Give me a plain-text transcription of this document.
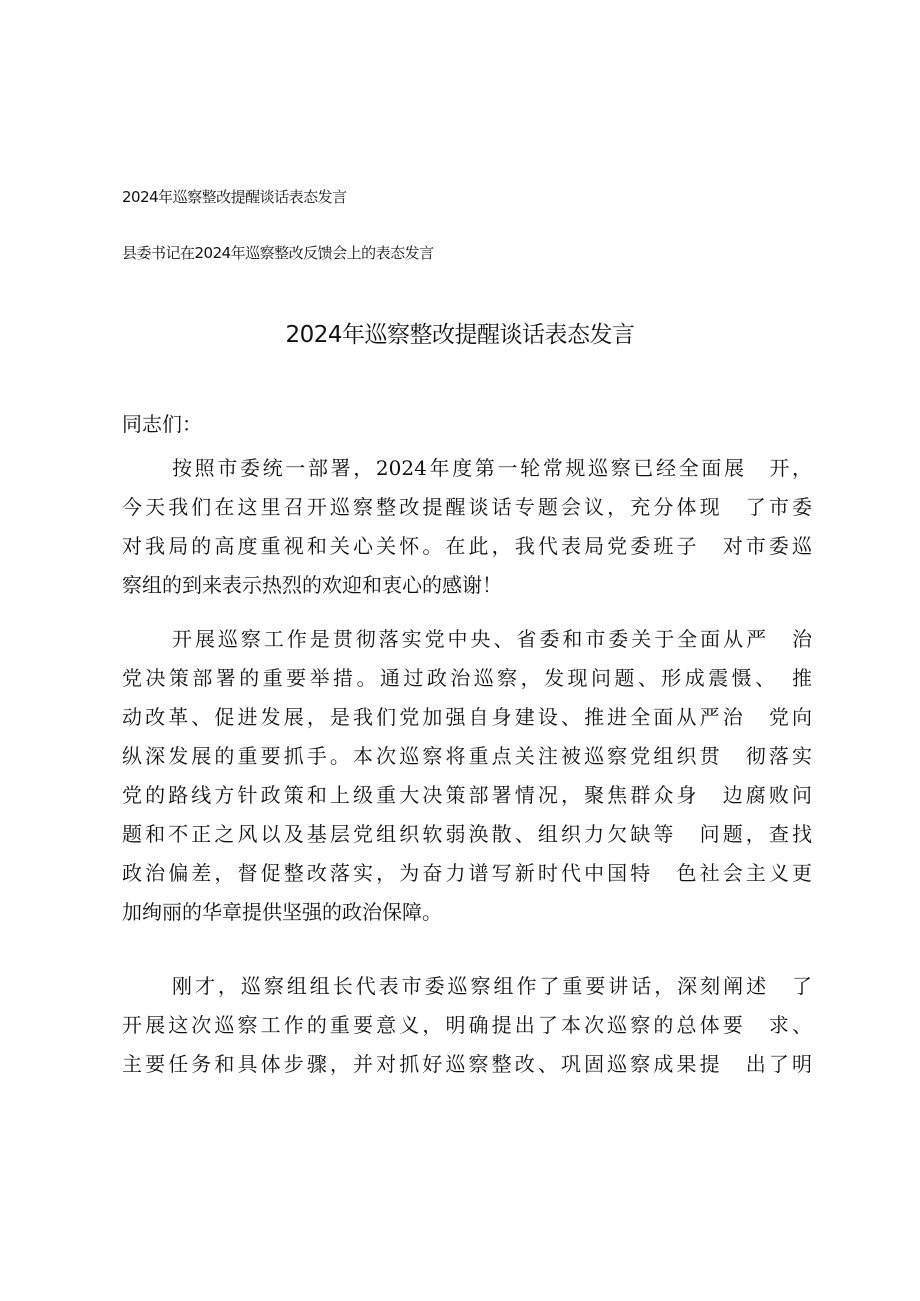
2024年巡察整改提醒谈话表态发言
县委书记在2024年巡察整改反馈会上的表态发言
2024年巡察整改提醒谈话表态发言
同志们：
按照市委统一部署，2024年度第一轮常规巡察已经全面展　开，
今天我们在这里召开巡察整改提醒谈话专题会议，充分体现　了市委
对我局的高度重视和关心关怀。在此，我代表局党委班子　对市委巡
察组的到来表示热烈的欢迎和衷心的感谢！
开展巡察工作是贯彻落实党中央、省委和市委关于全面从严　治
党决策部署的重要举措。通过政治巡察，发现问题、形成震慑、　推
动改革、促进发展，是我们党加强自身建设、推进全面从严治　党向
纵深发展的重要抓手。本次巡察将重点关注被巡察党组织贯　彻落实
党的路线方针政策和上级重大决策部署情况，聚焦群众身　边腐败问
题和不正之风以及基层党组织软弱涣散、组织力欠缺等　问题，查找
政治偏差，督促整改落实，为奋力谱写新时代中国特　色社会主义更
加绚丽的华章提供坚强的政治保障。
刚才，巡察组组长代表市委巡察组作了重要讲话，深刻阐述　了
开展这次巡察工作的重要意义，明确提出了本次巡察的总体要　求、
主要任务和具体步骤，并对抓好巡察整改、巩固巡察成果提　出了明
